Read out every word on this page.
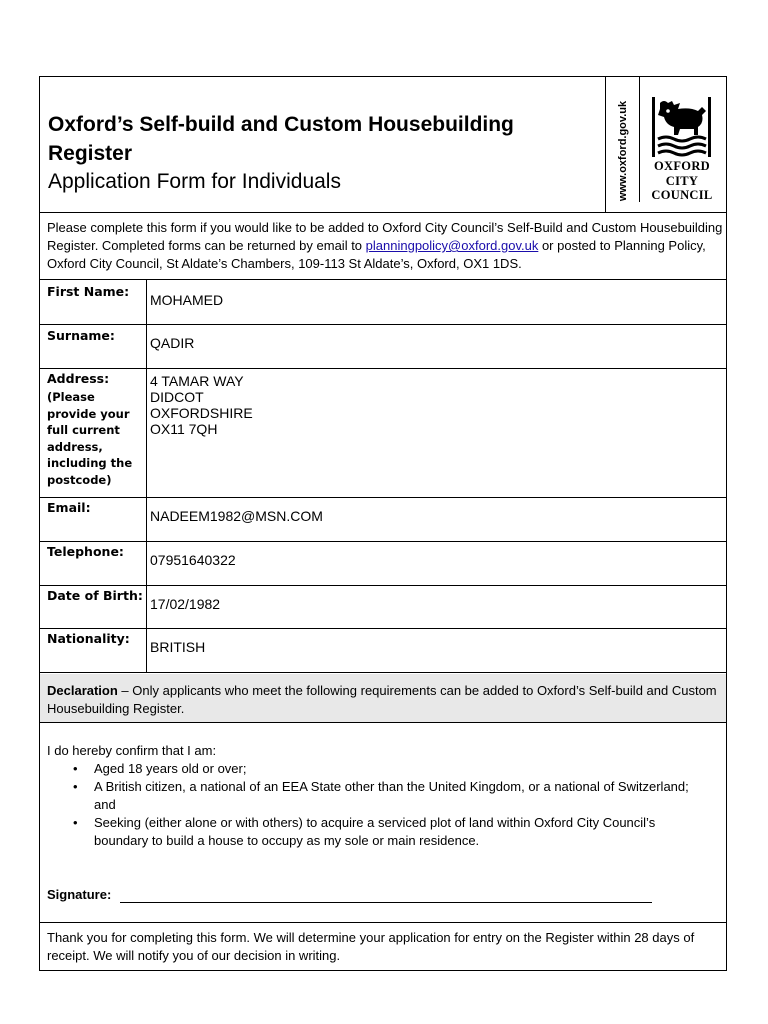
Oxford’s Self-build and Custom Housebuilding
Register
Application Form for Individuals	www.oxford.gov.uk	OXFORD
CITY
COUNCIL
Please complete this form if you would like to be added to Oxford City Council’s Self-Build and Custom Housebuilding Register. Completed forms can be returned by email to planningpolicy@oxford.gov.uk or posted to Planning Policy, Oxford City Council, St Aldate’s Chambers, 109-113 St Aldate’s, Oxford, OX1 1DS.
First Name:
MOHAMED
Surname:	QADIR
Address:
(Please provide your full current address, including the postcode)
4 TAMAR WAY
DIDCOT
OXFORDSHIRE
OX11 7QH
Email:
NADEEM1982@MSN.COM
Telephone:
07951640322
Date of Birth:
17/02/1982
Nationality:
BRITISH
Declaration – Only applicants who meet the following requirements can be added to Oxford’s Self-build and Custom Housebuilding Register.
I do hereby confirm that I am:
• Aged 18 years old or over;
• A British citizen, a national of an EEA State other than the United Kingdom, or a national of Switzerland; and
• Seeking (either alone or with others) to acquire a serviced plot of land within Oxford City Council’s boundary to build a house to occupy as my sole or main residence.
Signature:
Thank you for completing this form. We will determine your application for entry on the Register within 28 days of receipt. We will notify you of our decision in writing.
